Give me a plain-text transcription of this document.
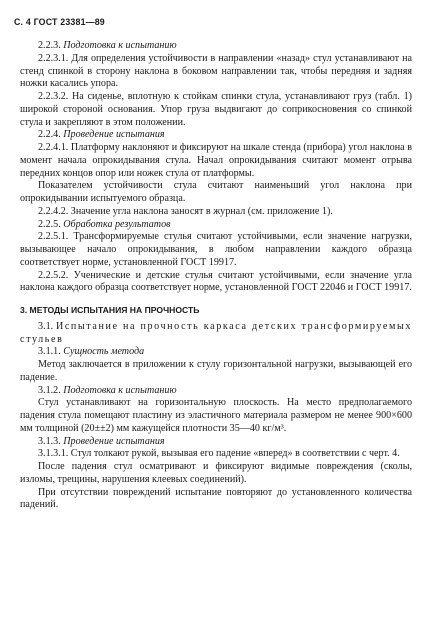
С. 4 ГОСТ 23381—89

2.2.3. Подготовка к испытанию

2.2.3.1. Для определения устойчивости в направлении «назад» стул устанавливают на стенд спинкой в сторону наклона в боковом направлении так, чтобы передняя и задняя ножки касались упора.

2.2.3.2. На сиденье, вплотную к стойкам спинки стула, устанавливают груз (табл. 1) широкой стороной основания. Упор груза выдвигают до соприкосновения со спинкой стула и закрепляют в этом положении.

2.2.4. Проведение испытания

2.2.4.1. Платформу наклоняют и фиксируют на шкале стенда (прибора) угол наклона в момент начала опрокидывания стула. Начал опрокидывания считают момент отрыва передних концов опор или ножек стула от платформы.

Показателем устойчивости стула считают наименьший угол наклона при опрокидывании испытуемого образца.

2.2.4.2. Значение угла наклона заносят в журнал (см. приложение 1).

2.2.5. Обработка результатов

2.2.5.1. Трансформируемые стулья считают устойчивыми, если значение нагрузки, вызывающее начало опрокидывания, в любом направлении каждого образца соответствует норме, установленной ГОСТ 19917.

2.2.5.2. Ученические и детские стулья считают устойчивыми, если значение угла наклона каждого образца соответствует норме, установленной ГОСТ 22046 и ГОСТ 19917.

3. МЕТОДЫ ИСПЫТАНИЯ НА ПРОЧНОСТЬ

3.1. Испытание на прочность каркаса детских трансформируемых стульев

3.1.1. Сущность метода

Метод заключается в приложении к стулу горизонтальной нагрузки, вызывающей его падение.

3.1.2. Подготовка к испытанию

Стул устанавливают на горизонтальную плоскость. На место предполагаемого падения стула помещают пластину из эластичного материала размером не менее 900×600 мм толщиной (20±±2) мм кажущейся плотности 35—40 кг/м³.

3.1.3. Проведение испытания

3.1.3.1. Стул толкают рукой, вызывая его падение «вперед» в соответствии с черт. 4.

После падения стул осматривают и фиксируют видимые повреждения (сколы, изломы, трещины, нарушения клеевых соединений).

При отсутствии повреждений испытание повторяют до установленного количества падений.
